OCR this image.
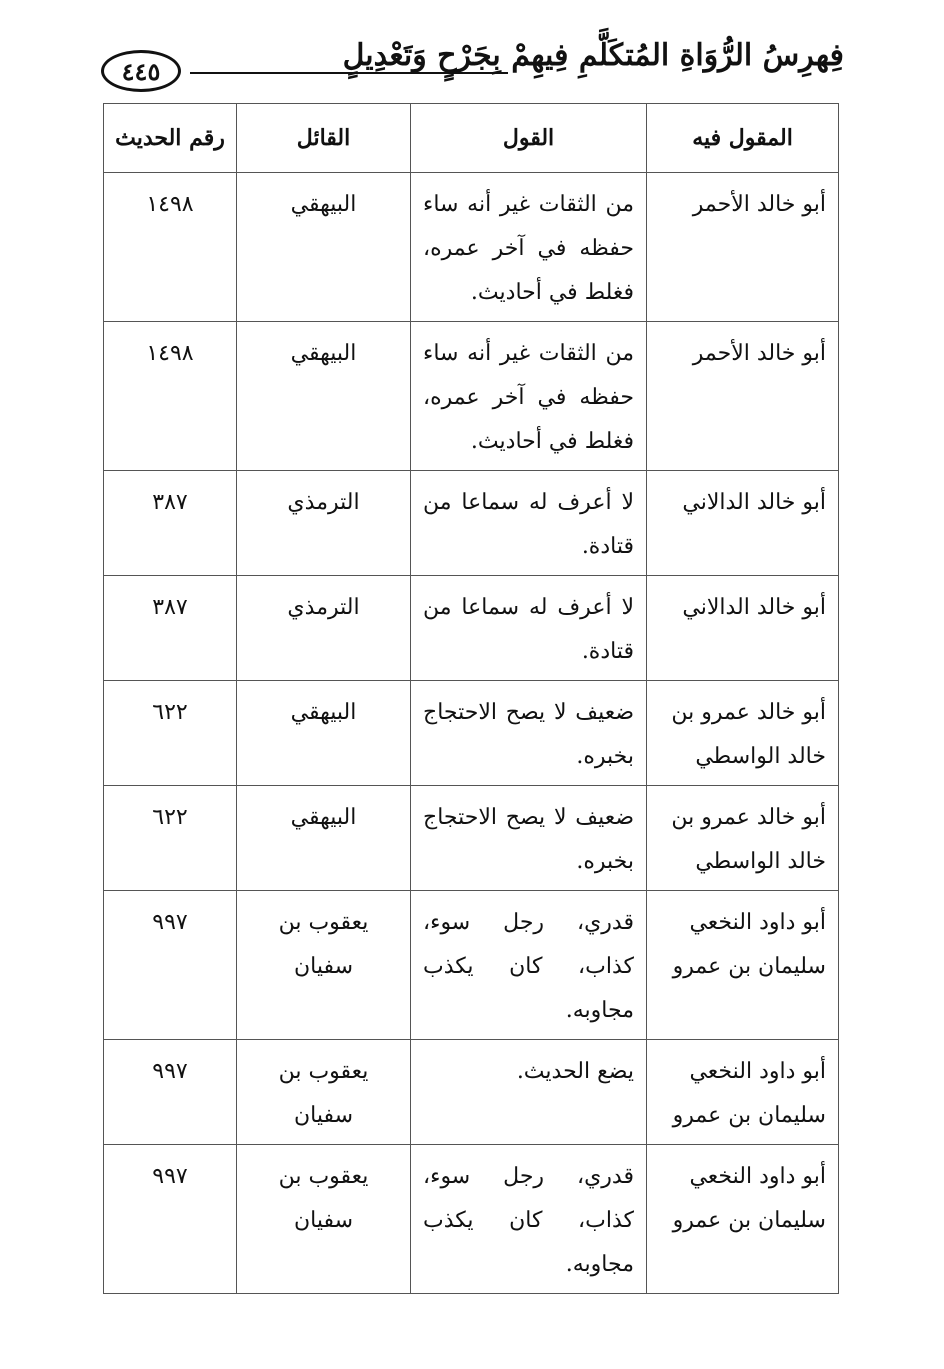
فِهرِسُ الرُّوَاةِ المُتكَلَّمِ فِيهِمْ بِجَرْحٍ وَتَعْدِيلٍ
٤٤٥
المقول فيه	القول	القائل	رقم الحديث
أبو خالد الأحمر	من الثقات غير أنه ساء حفظه في آخر عمره، فغلط في أحاديث.	البيهقي	١٤٩٨
أبو خالد الأحمر	من الثقات غير أنه ساء حفظه في آخر عمره، فغلط في أحاديث.	البيهقي	١٤٩٨
أبو خالد الدالاني	لا أعرف له سماعا من قتادة.	الترمذي	٣٨٧
أبو خالد الدالاني	لا أعرف له سماعا من قتادة.	الترمذي	٣٨٧
أبو خالد عمرو بن خالد الواسطي	ضعيف لا يصح الاحتجاج بخبره.	البيهقي	٦٢٢
أبو خالد عمرو بن خالد الواسطي	ضعيف لا يصح الاحتجاج بخبره.	البيهقي	٦٢٢
أبو داود النخعي سليمان بن عمرو	قدري، رجل سوء، كذاب، كان يكذب مجاوبه.	يعقوب بن سفيان	٩٩٧
أبو داود النخعي سليمان بن عمرو	يضع الحديث.	يعقوب بن سفيان	٩٩٧
أبو داود النخعي سليمان بن عمرو	قدري، رجل سوء، كذاب، كان يكذب مجاوبه.	يعقوب بن سفيان	٩٩٧
